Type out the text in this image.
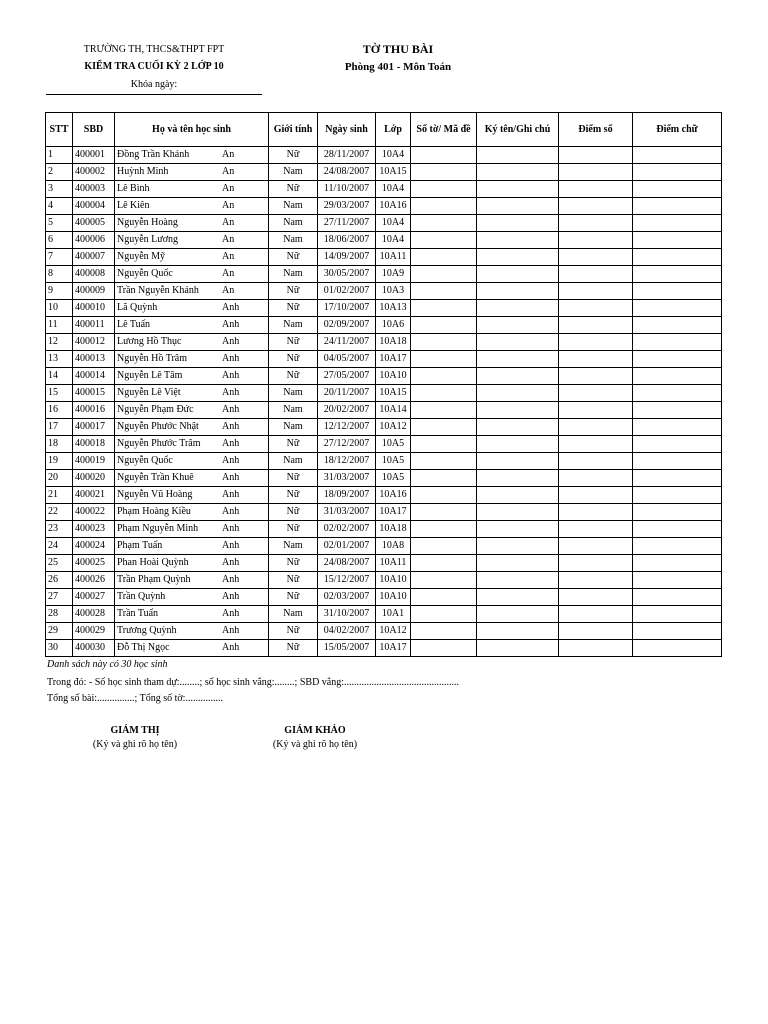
TRƯỜNG TH, THCS&THPT FPT
KIỂM TRA CUỐI KỲ 2 LỚP 10
Khóa ngày:
TỜ THU BÀI
Phòng 401 - Môn Toán
STT	SBD	Họ và tên học sinh	Giới tính	Ngày sinh	Lớp	Số tờ/ Mã đề	Ký tên/Ghi chú	Điểm số	Điểm chữ
1	400001	Đồng Trần Khánh An	Nữ	28/11/2007	10A4				
2	400002	Huỳnh Minh An	Nam	24/08/2007	10A15				
3	400003	Lê Bình An	Nữ	11/10/2007	10A4				
4	400004	Lê Kiên An	Nam	29/03/2007	10A16				
5	400005	Nguyễn Hoàng An	Nam	27/11/2007	10A4				
6	400006	Nguyễn Lương An	Nam	18/06/2007	10A4				
7	400007	Nguyễn Mỹ An	Nữ	14/09/2007	10A11				
8	400008	Nguyễn Quốc An	Nam	30/05/2007	10A9				
9	400009	Trần Nguyễn Khánh An	Nữ	01/02/2007	10A3				
10	400010	Lã Quỳnh Anh	Nữ	17/10/2007	10A13				
11	400011	Lê Tuấn Anh	Nam	02/09/2007	10A6				
12	400012	Lương Hồ Thục Anh	Nữ	24/11/2007	10A18				
13	400013	Nguyễn Hồ Trâm Anh	Nữ	04/05/2007	10A17				
14	400014	Nguyễn Lê Tâm Anh	Nữ	27/05/2007	10A10				
15	400015	Nguyễn Lê Việt Anh	Nam	20/11/2007	10A15				
16	400016	Nguyễn Phạm Đức Anh	Nam	20/02/2007	10A14				
17	400017	Nguyễn Phước Nhật Anh	Nam	12/12/2007	10A12				
18	400018	Nguyễn Phước Trâm Anh	Nữ	27/12/2007	10A5				
19	400019	Nguyễn Quốc Anh	Nam	18/12/2007	10A5				
20	400020	Nguyễn Trần Khuê Anh	Nữ	31/03/2007	10A5				
21	400021	Nguyễn Vũ Hoàng Anh	Nữ	18/09/2007	10A16				
22	400022	Phạm Hoàng Kiều Anh	Nữ	31/03/2007	10A17				
23	400023	Phạm Nguyễn Minh Anh	Nữ	02/02/2007	10A18				
24	400024	Phạm Tuấn Anh	Nam	02/01/2007	10A8				
25	400025	Phan Hoài Quỳnh Anh	Nữ	24/08/2007	10A11				
26	400026	Trần Phạm Quỳnh Anh	Nữ	15/12/2007	10A10				
27	400027	Trần Quỳnh Anh	Nữ	02/03/2007	10A10				
28	400028	Trần Tuấn Anh	Nam	31/10/2007	10A1				
29	400029	Trương Quỳnh Anh	Nữ	04/02/2007	10A12				
30	400030	Đỗ Thị Ngọc Anh	Nữ	15/05/2007	10A17				
Danh sách này có 30 học sinh
Trong đó: - Số học sinh tham dự:........; số học sinh vắng:........; SBD vắng:..............................................
Tổng số bài:...............; Tổng số tờ:...............
GIÁM THỊ
(Ký và ghi rõ họ tên)
GIÁM KHẢO
(Ký và ghi rõ họ tên)
